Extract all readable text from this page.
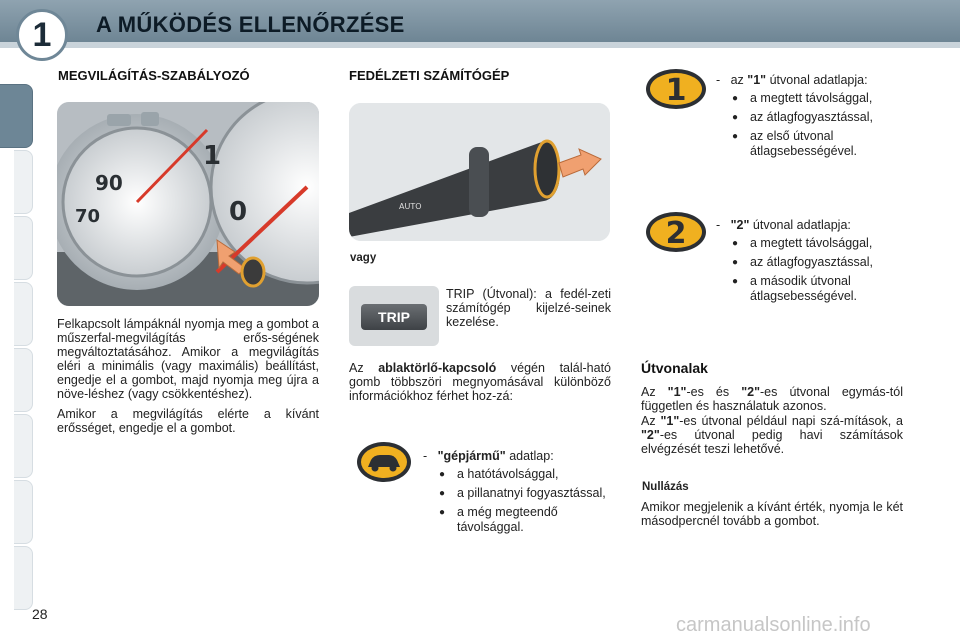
1	A MŰKÖDÉS ELLENŐRZÉSE
MEGVILÁGÍTÁS-SZABÁLYOZÓ
90
70
1
0
Felkapcsolt lámpáknál nyomja meg a gombot a műszerfal-megvilágítás erős-ségének megváltoztatásához. Amikor a megvilágítás eléri a minimális (vagy maximális) beállítást, engedje el a gombot, majd nyomja meg újra a növe-léshez (vagy csökkentéshez).
Amikor a megvilágítás elérte a kívánt erősséget, engedje el a gombot.
FEDÉLZETI SZÁMÍTÓGÉP
AUTO
vagy
TRIP
TRIP (Útvonal): a fedél-zeti számítógép kijelzé-seinek kezelése.
Az ablaktörlő-kapcsoló végén talál-ható gomb többszöri megnyomásával különböző információkhoz férhet hoz-zá:
- "gépjármű" adatlap:
● a hatótávolsággal,
● a pillanatnyi fogyasztással,
● a még megteendő távolsággal.
1 - az "1" útvonal adatlapja:
● a megtett távolsággal,
● az átlagfogyasztással,
● az első útvonal átlagsebességével.
2 - "2" útvonal adatlapja:
● a megtett távolsággal,
● az átlagfogyasztással,
● a második útvonal átlagsebességével.
Útvonalak
Az "1"-es és "2"-es útvonal egymás-tól független és használatuk azonos.
Az "1"-es útvonal például napi szá-mítások, a "2"-es útvonal pedig havi számítások elvégzését teszi lehetővé.
Nullázás
Amikor megjelenik a kívánt érték, nyomja le két másodpercnél tovább a gombot.
28	carmanualsonline.info
